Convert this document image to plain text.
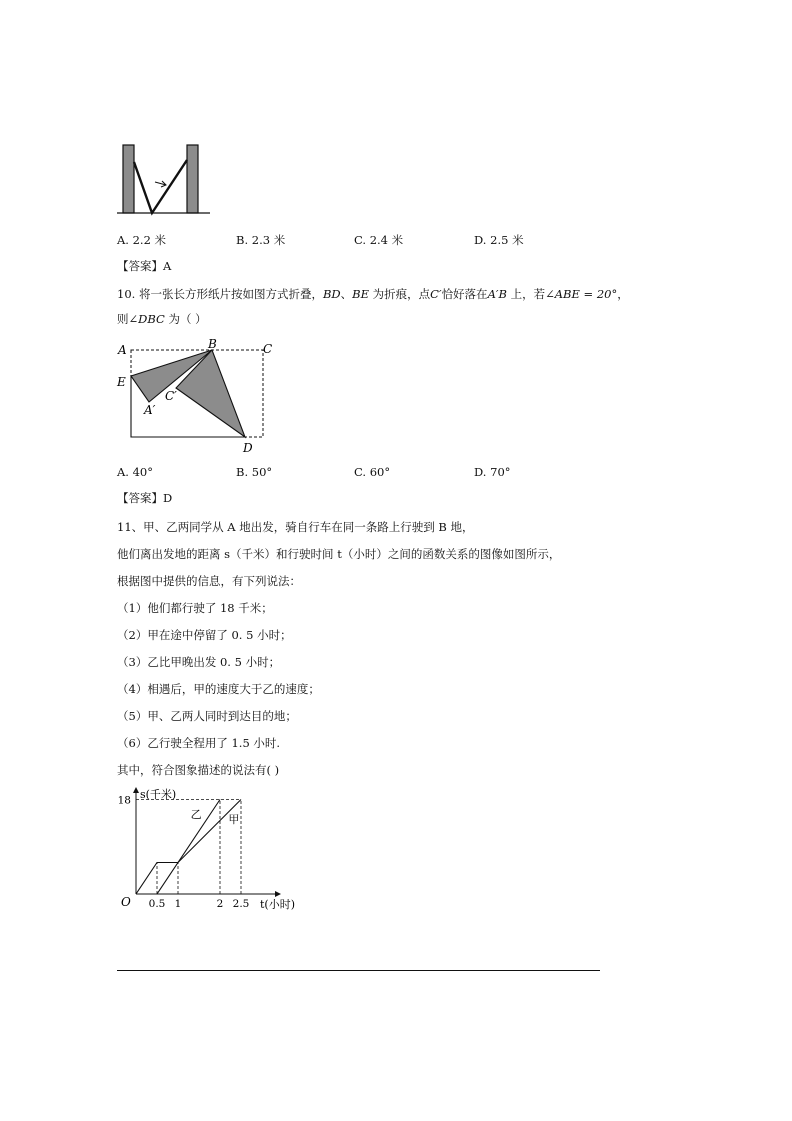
A. 2.2 米	B. 2.3 米	C. 2.4 米	D. 2.5 米
【答案】A
10. 将一张长方形纸片按如图方式折叠，BD、BE 为折痕，点C′恰好落在A′B 上，若∠ABE = 20°，
则∠DBC 为（ ）
A	B	C
E
C′
A′
D
A. 40°	B. 50°	C. 60°	D. 70°
【答案】D
11、甲、乙两同学从 A 地出发，骑自行车在同一条路上行驶到 B 地，
他们离出发地的距离 s（千米）和行驶时间 t（小时）之间的函数关系的图像如图所示，
根据图中提供的信息，有下列说法：
（1）他们都行驶了 18 千米；
（2）甲在途中停留了 0. 5 小时；
（3）乙比甲晚出发 0. 5 小时；
（4）相遇后，甲的速度大于乙的速度；
（5）甲、乙两人同时到达目的地；
（6）乙行驶全程用了 1.5 小时.
其中，符合图象描述的说法有( )
甲
乙
0.5 1	2 2.5
18 s(千米)
t(小时)
O
